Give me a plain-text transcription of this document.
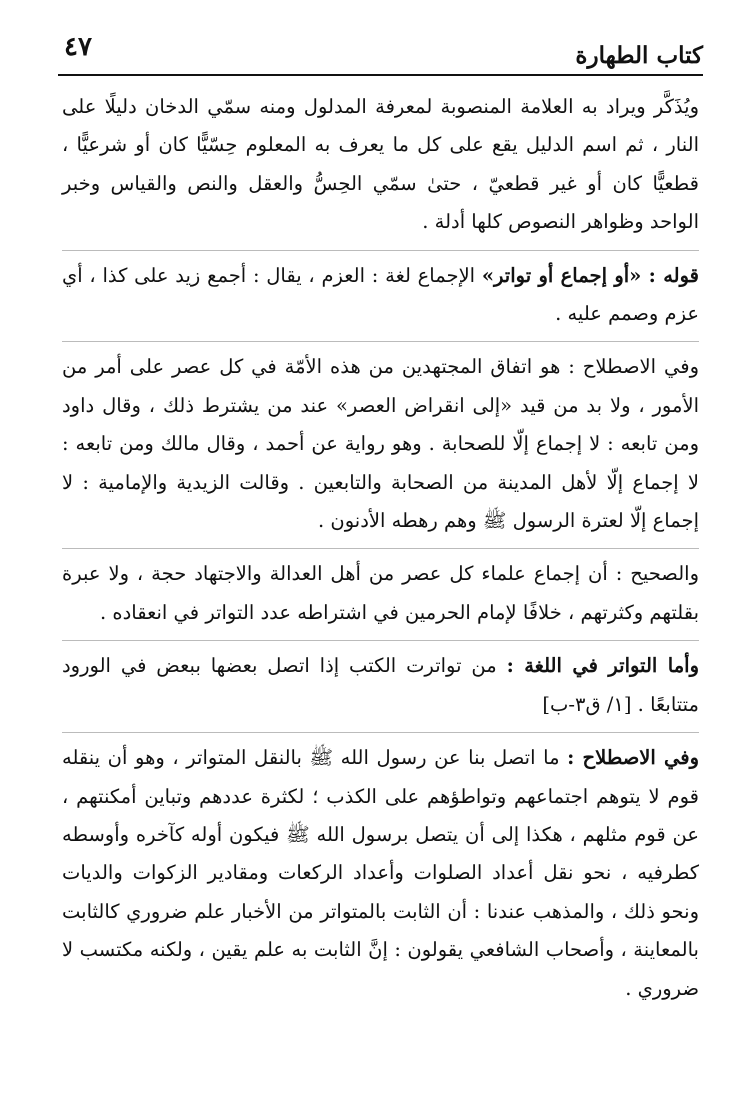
كتاب الطهارة
٤٧

ويُذَكَّر ويراد به العلامة المنصوبة لمعرفة المدلول ومنه سمّي الدخان دليلًا على النار ، ثم اسم الدليل يقع على كل ما يعرف به المعلوم حِسّيًّا كان أو شرعيًّا ، قطعيًّا كان أو غير قطعيّ ، حتىٰ سمّي الحِسُّ والعقل والنص والقياس وخبر الواحد وظواهر النصوص كلها أدلة .

قوله : «أو إجماع أو تواتر» الإجماع لغة : العزم ، يقال : أجمع زيد على كذا ، أي عزم وصمم عليه .

وفي الاصطلاح : هو اتفاق المجتهدين من هذه الأمّة في كل عصر على أمر من الأمور ، ولا بد من قيد «إلى انقراض العصر» عند من يشترط ذلك ، وقال داود ومن تابعه : لا إجماع إلّا للصحابة . وهو رواية عن أحمد ، وقال مالك ومن تابعه : لا إجماع إلّا لأهل المدينة من الصحابة والتابعين . وقالت الزيدية والإمامية : لا إجماع إلّا لعترة الرسول ﷺ وهم رهطه الأدنون .

والصحيح : أن إجماع علماء كل عصر من أهل العدالة والاجتهاد حجة ، ولا عبرة بقلتهم وكثرتهم ، خلافًا لإمام الحرمين في اشتراطه عدد التواتر في انعقاده .

وأما التواتر في اللغة : من تواترت الكتب إذا اتصل بعضها ببعض في الورود متتابعًا . [١/ ق٣-ب]

وفي الاصطلاح : ما اتصل بنا عن رسول الله ﷺ بالنقل المتواتر ، وهو أن ينقله قوم لا يتوهم اجتماعهم وتواطؤهم على الكذب ؛ لكثرة عددهم وتباين أمكنتهم ، عن قوم مثلهم ، هكذا إلى أن يتصل برسول الله ﷺ فيكون أوله كآخره وأوسطه كطرفيه ، نحو نقل أعداد الصلوات وأعداد الركعات ومقادير الزكوات والديات ونحو ذلك ، والمذهب عندنا : أن الثابت بالمتواتر من الأخبار علم ضروري كالثابت بالمعاينة ، وأصحاب الشافعي يقولون : إنَّ الثابت به علم يقين ، ولكنه مكتسب لا ضروري .
